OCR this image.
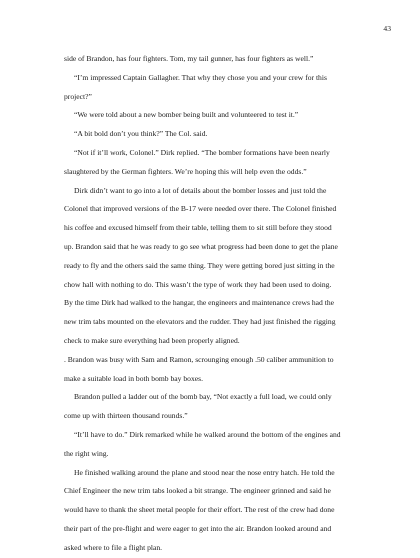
43
side of Brandon, has four fighters. Tom, my tail gunner, has four fighters as well.”
“I’m impressed Captain Gallagher. That why they chose you and your crew for this
project?”
“We were told about a new bomber being built and volunteered to test it.”
“A bit bold don’t you think?” The Col. said.
“Not if it’ll work, Colonel.” Dirk replied. “The bomber formations have been nearly
slaughtered by the German fighters. We’re hoping this will help even the odds.”
Dirk didn’t want to go into a lot of details about the bomber losses and just told the
Colonel that improved versions of the B-17 were needed over there. The Colonel finished
his coffee and excused himself from their table, telling them to sit still before they stood
up. Brandon said that he was ready to go see what progress had been done to get the plane
ready to fly and the others said the same thing. They were getting bored just sitting in the
chow hall with nothing to do. This wasn’t the type of work they had been used to doing.
By the time Dirk had walked to the hangar, the engineers and maintenance crews had the
new trim tabs mounted on the elevators and the rudder. They had just finished the rigging
check to make sure everything had been properly aligned.
. Brandon was busy with Sam and Ramon, scrounging enough .50 caliber ammunition to
make a suitable load in both bomb bay boxes.
Brandon pulled a ladder out of the bomb bay, “Not exactly a full load, we could only
come up with thirteen thousand rounds.”
“It’ll have to do.” Dirk remarked while he walked around the bottom of the engines and
the right wing.
He finished walking around the plane and stood near the nose entry hatch. He told the
Chief Engineer the new trim tabs looked a bit strange. The engineer grinned and said he
would have to thank the sheet metal people for their effort. The rest of the crew had done
their part of the pre-flight and were eager to get into the air. Brandon looked around and
asked where to file a flight plan.
